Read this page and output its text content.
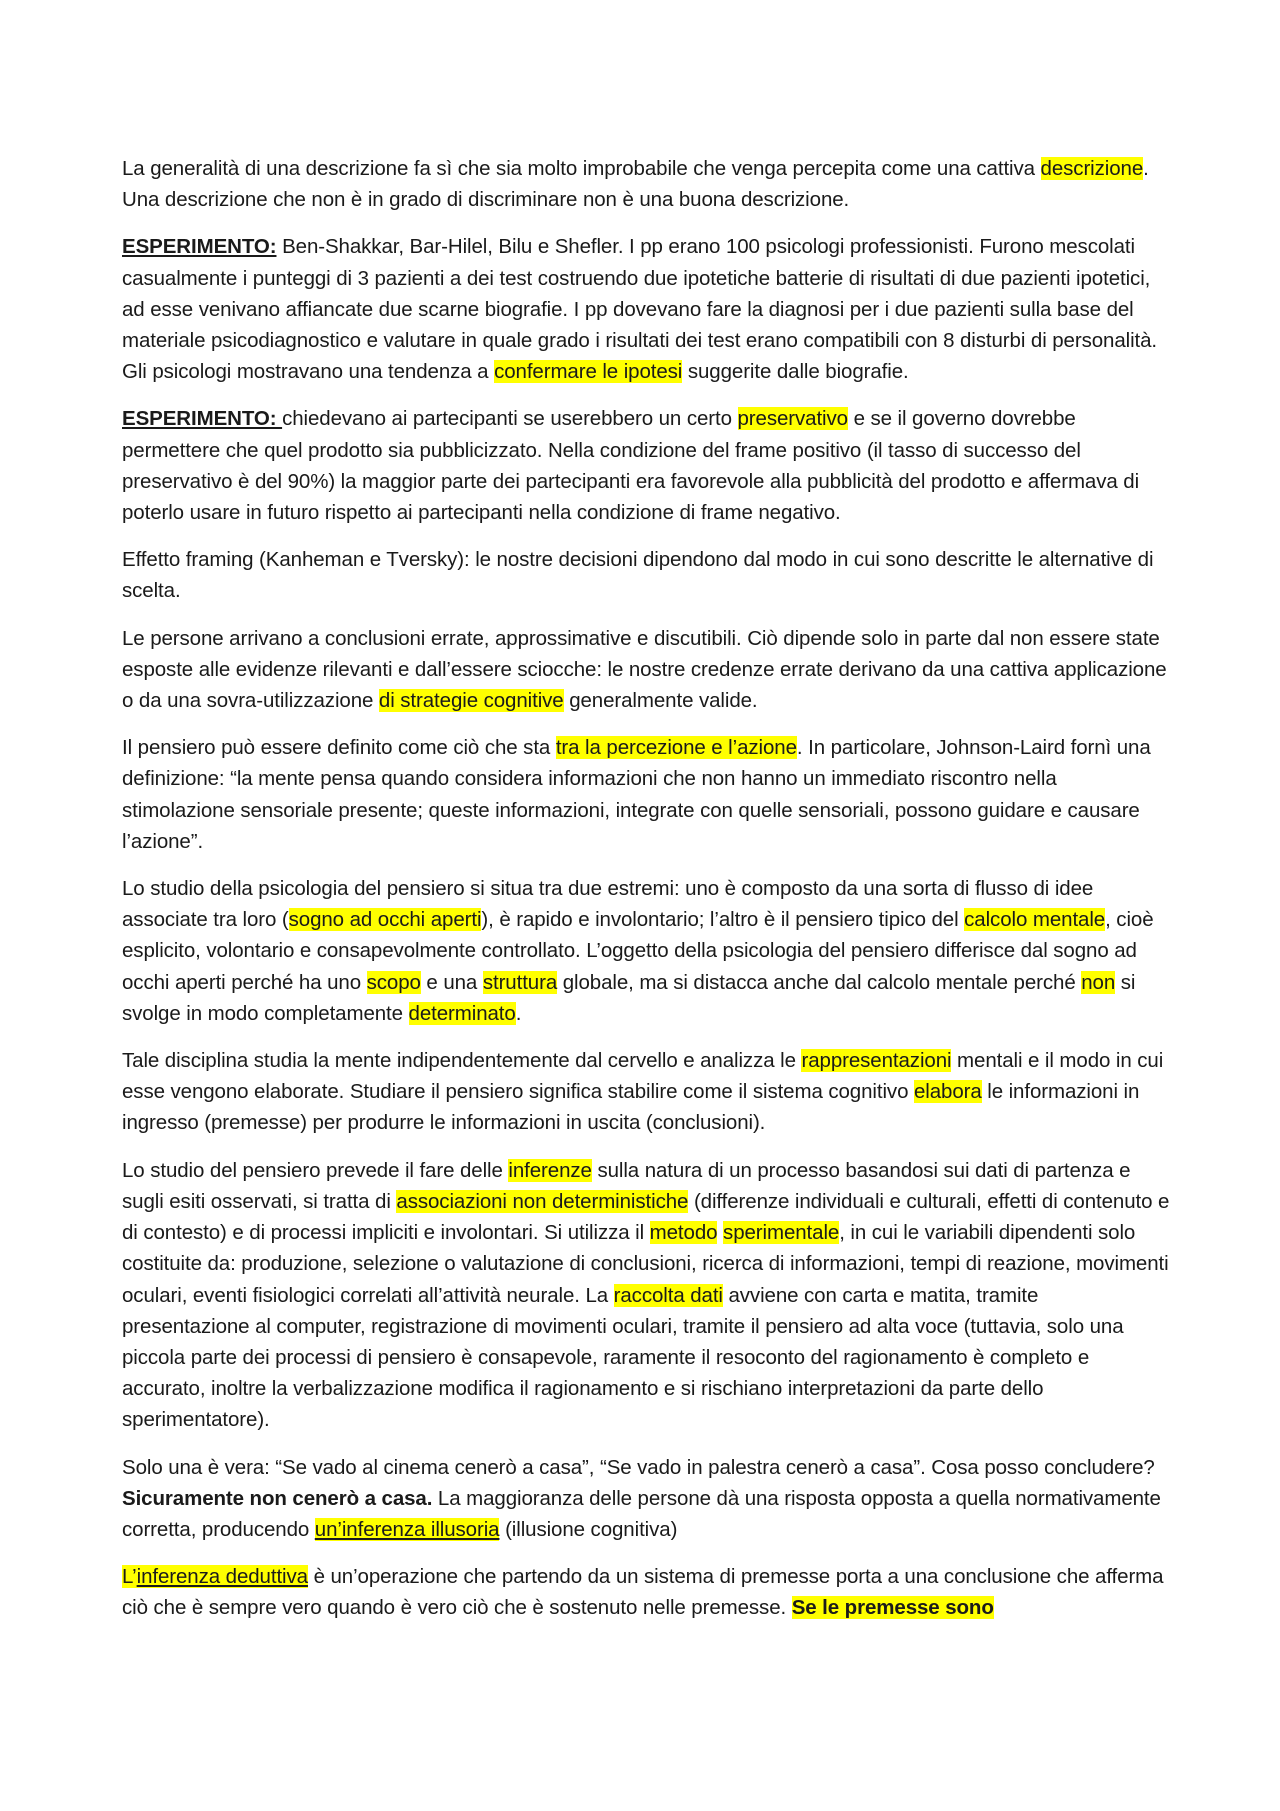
La generalità di una descrizione fa sì che sia molto improbabile che venga percepita come una cattiva descrizione. Una descrizione che non è in grado di discriminare non è una buona descrizione.

ESPERIMENTO: Ben-Shakkar, Bar-Hilel, Bilu e Shefler. I pp erano 100 psicologi professionisti. Furono mescolati casualmente i punteggi di 3 pazienti a dei test costruendo due ipotetiche batterie di risultati di due pazienti ipotetici, ad esse venivano affiancate due scarne biografie. I pp dovevano fare la diagnosi per i due pazienti sulla base del materiale psicodiagnostico e valutare in quale grado i risultati dei test erano compatibili con 8 disturbi di personalità. Gli psicologi mostravano una tendenza a confermare le ipotesi suggerite dalle biografie.

ESPERIMENTO: chiedevano ai partecipanti se userebbero un certo preservativo e se il governo dovrebbe permettere che quel prodotto sia pubblicizzato. Nella condizione del frame positivo (il tasso di successo del preservativo è del 90%) la maggior parte dei partecipanti era favorevole alla pubblicità del prodotto e affermava di poterlo usare in futuro rispetto ai partecipanti nella condizione di frame negativo.

Effetto framing (Kanheman e Tversky): le nostre decisioni dipendono dal modo in cui sono descritte le alternative di scelta.

Le persone arrivano a conclusioni errate, approssimative e discutibili. Ciò dipende solo in parte dal non essere state esposte alle evidenze rilevanti e dall’essere sciocche: le nostre credenze errate derivano da una cattiva applicazione o da una sovra-utilizzazione di strategie cognitive generalmente valide.

Il pensiero può essere definito come ciò che sta tra la percezione e l’azione. In particolare, Johnson-Laird fornì una definizione: “la mente pensa quando considera informazioni che non hanno un immediato riscontro nella stimolazione sensoriale presente; queste informazioni, integrate con quelle sensoriali, possono guidare e causare l’azione”.

Lo studio della psicologia del pensiero si situa tra due estremi: uno è composto da una sorta di flusso di idee associate tra loro (sogno ad occhi aperti), è rapido e involontario; l’altro è il pensiero tipico del calcolo mentale, cioè esplicito, volontario e consapevolmente controllato. L’oggetto della psicologia del pensiero differisce dal sogno ad occhi aperti perché ha uno scopo e una struttura globale, ma si distacca anche dal calcolo mentale perché non si svolge in modo completamente determinato.

Tale disciplina studia la mente indipendentemente dal cervello e analizza le rappresentazioni mentali e il modo in cui esse vengono elaborate. Studiare il pensiero significa stabilire come il sistema cognitivo elabora le informazioni in ingresso (premesse) per produrre le informazioni in uscita (conclusioni).

Lo studio del pensiero prevede il fare delle inferenze sulla natura di un processo basandosi sui dati di partenza e sugli esiti osservati, si tratta di associazioni non deterministiche (differenze individuali e culturali, effetti di contenuto e di contesto) e di processi impliciti e involontari. Si utilizza il metodo sperimentale, in cui le variabili dipendenti solo costituite da: produzione, selezione o valutazione di conclusioni, ricerca di informazioni, tempi di reazione, movimenti oculari, eventi fisiologici correlati all’attività neurale. La raccolta dati avviene con carta e matita, tramite presentazione al computer, registrazione di movimenti oculari, tramite il pensiero ad alta voce (tuttavia, solo una piccola parte dei processi di pensiero è consapevole, raramente il resoconto del ragionamento è completo e accurato, inoltre la verbalizzazione modifica il ragionamento e si rischiano interpretazioni da parte dello sperimentatore).

Solo una è vera: “Se vado al cinema cenerò a casa”, “Se vado in palestra cenerò a casa”. Cosa posso concludere? Sicuramente non cenerò a casa. La maggioranza delle persone dà una risposta opposta a quella normativamente corretta, producendo un’inferenza illusoria (illusione cognitiva)

L’inferenza deduttiva è un’operazione che partendo da un sistema di premesse porta a una conclusione che afferma ciò che è sempre vero quando è vero ciò che è sostenuto nelle premesse. Se le premesse sono
